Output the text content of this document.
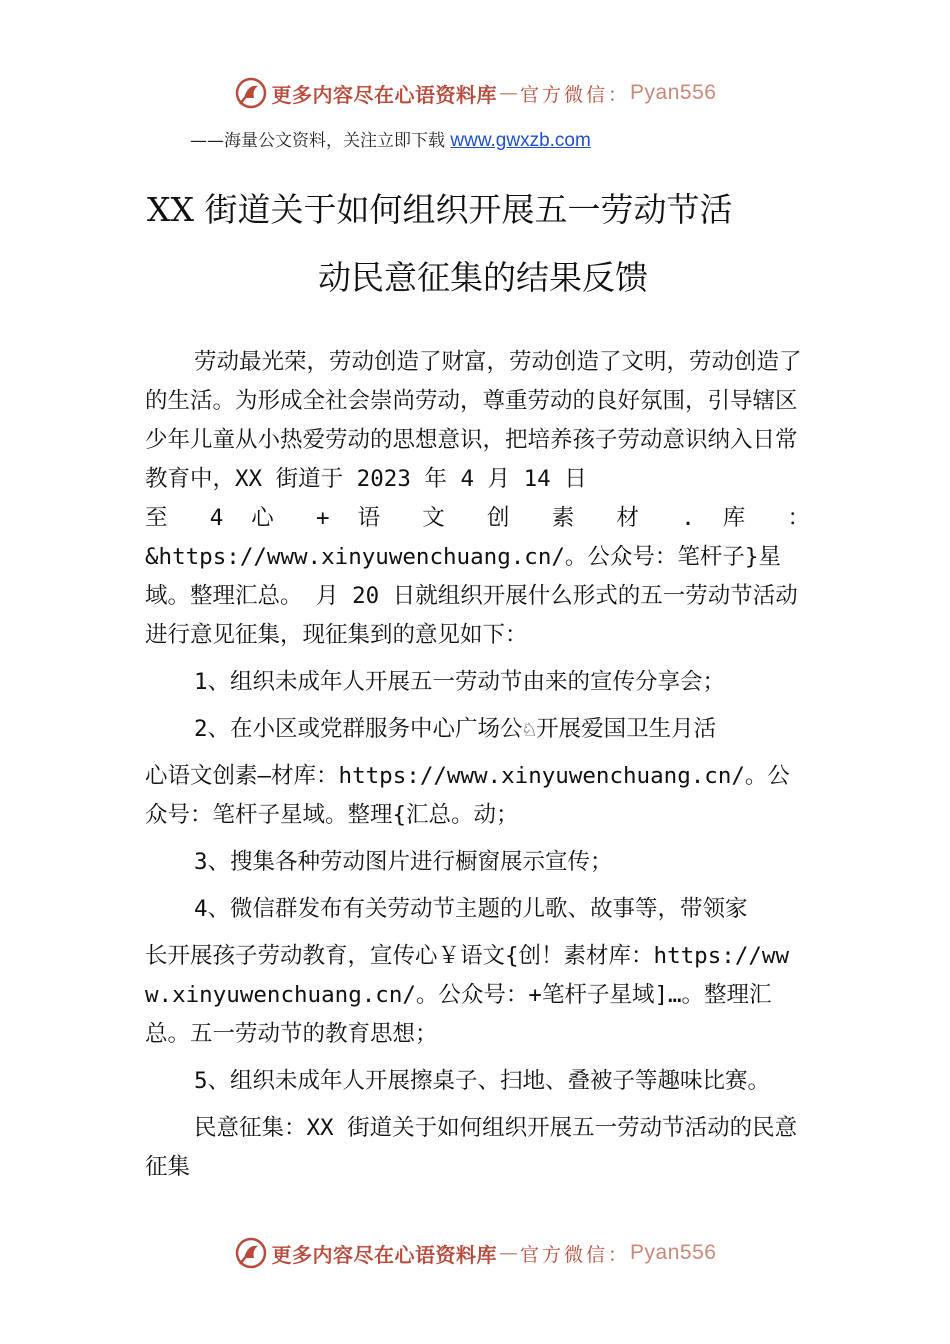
更多内容尽在心语资料库 — 官方微信： Pyan556
——海量公文资料，关注立即下载 www.gwxzb.com
XX 街道关于如何组织开展五一劳动节活
动民意征集的结果反馈

劳动最光荣，劳动创造了财富，劳动创造了文明，劳动创造了的生活。为形成全社会崇尚劳动，尊重劳动的良好氛围，引导辖区少年儿童从小热爱劳动的思想意识，把培养孩子劳动意识纳入日常教育中，XX 街道于 2023 年 4 月 14 日

至 4 心 + 语 文 创 素 材 . 库 ：

&https://www.xinyuwenchuang.cn/。公众号：笔杆子}星域。整理汇总。 月 20 日就组织开展什么形式的五一劳动节活动进行意见征集，现征集到的意见如下：

1、组织未成年人开展五一劳动节由来的宣传分享会；

2、在小区或党群服务中心广场公♘开展爱国卫生月活

心语文创素—材库：https://www.xinyuwenchuang.cn/。公众号：笔杆子星域。整理{汇总。动；

3、搜集各种劳动图片进行橱窗展示宣传；

4、微信群发布有关劳动节主题的儿歌、故事等，带领家

长开展孩子劳动教育，宣传心￥语文{创！素材库：https://www.xinyuwenchuang.cn/。公众号：+笔杆子星域]…。整理汇总。五一劳动节的教育思想；

5、组织未成年人开展擦桌子、扫地、叠被子等趣味比赛。

民意征集：XX 街道关于如何组织开展五一劳动节活动的民意征集

更多内容尽在心语资料库 — 官方微信： Pyan556
